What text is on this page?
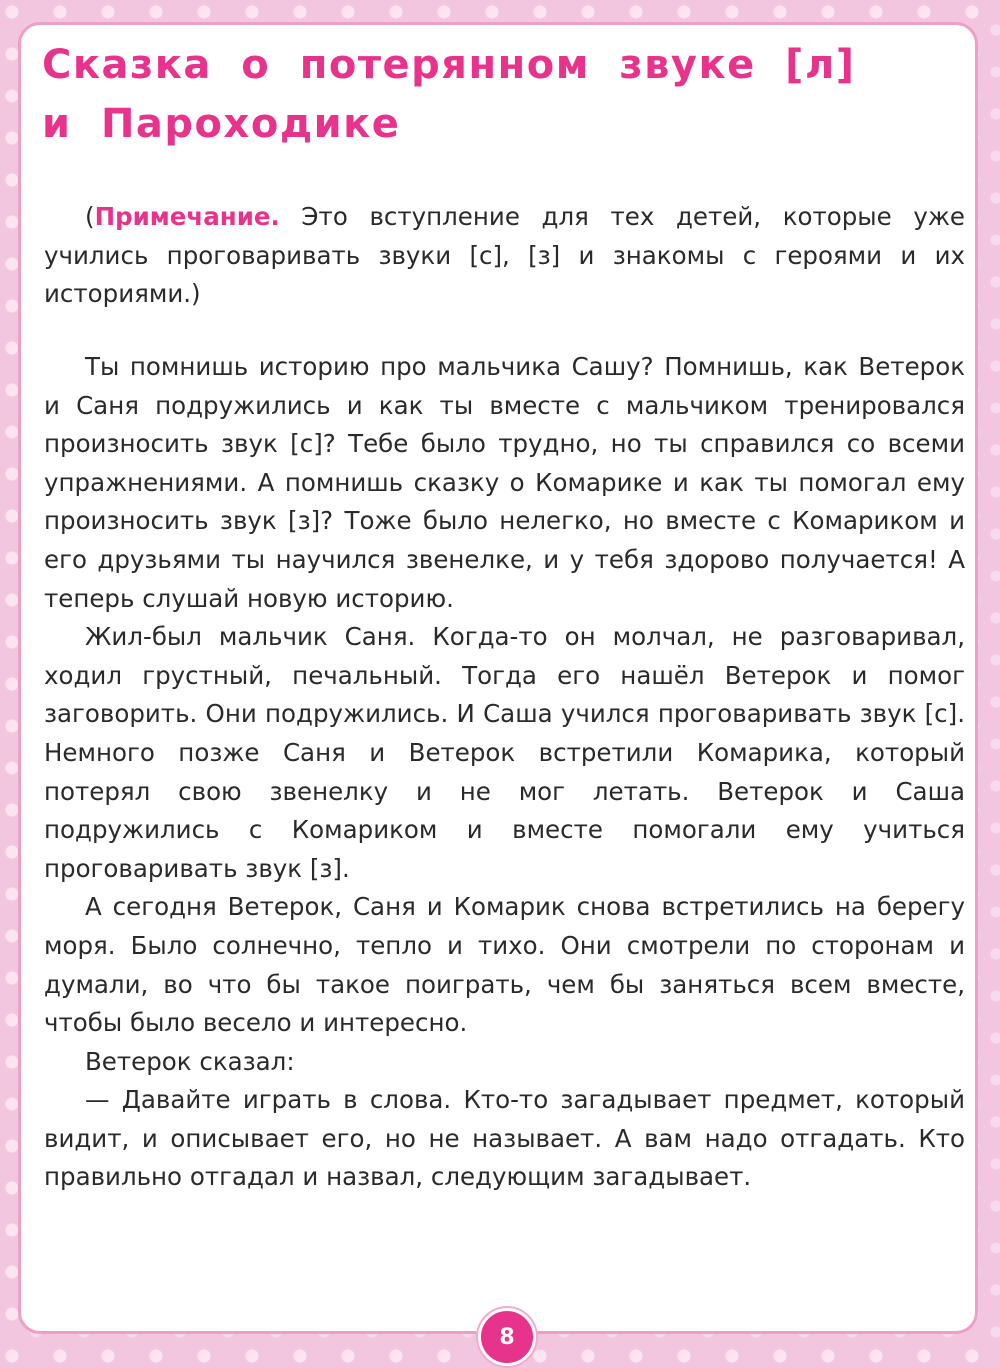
Сказка о потерянном звуке [л]
и Пароходике

(Примечание. Это вступление для тех детей, которые уже учились проговаривать звуки [с], [з] и знакомы с героями и их историями.)

Ты помнишь историю про мальчика Сашу? Помнишь, как Ветерок и Саня подружились и как ты вместе с мальчиком тренировался произносить звук [с]? Тебе было трудно, но ты справился со всеми упражнениями. А помнишь сказку о Комарике и как ты помогал ему произносить звук [з]? Тоже было нелегко, но вместе с Комариком и его друзьями ты научился звенелке, и у тебя здорово получается! А теперь слушай новую историю.

Жил-был мальчик Саня. Когда-то он молчал, не разговаривал, ходил грустный, печальный. Тогда его нашёл Ветерок и помог заговорить. Они подружились. И Саша учился проговаривать звук [с]. Немного позже Саня и Ветерок встретили Комарика, который потерял свою звенелку и не мог летать. Ветерок и Саша подружились с Комариком и вместе помогали ему учиться проговаривать звук [з].

А сегодня Ветерок, Саня и Комарик снова встретились на берегу моря. Было солнечно, тепло и тихо. Они смотрели по сторонам и думали, во что бы такое поиграть, чем бы заняться всем вместе, чтобы было весело и интересно.

Ветерок сказал:

— Давайте играть в слова. Кто-то загадывает предмет, который видит, и описывает его, но не называет. А вам надо отгадать. Кто правильно отгадал и назвал, следующим загадывает.

8
